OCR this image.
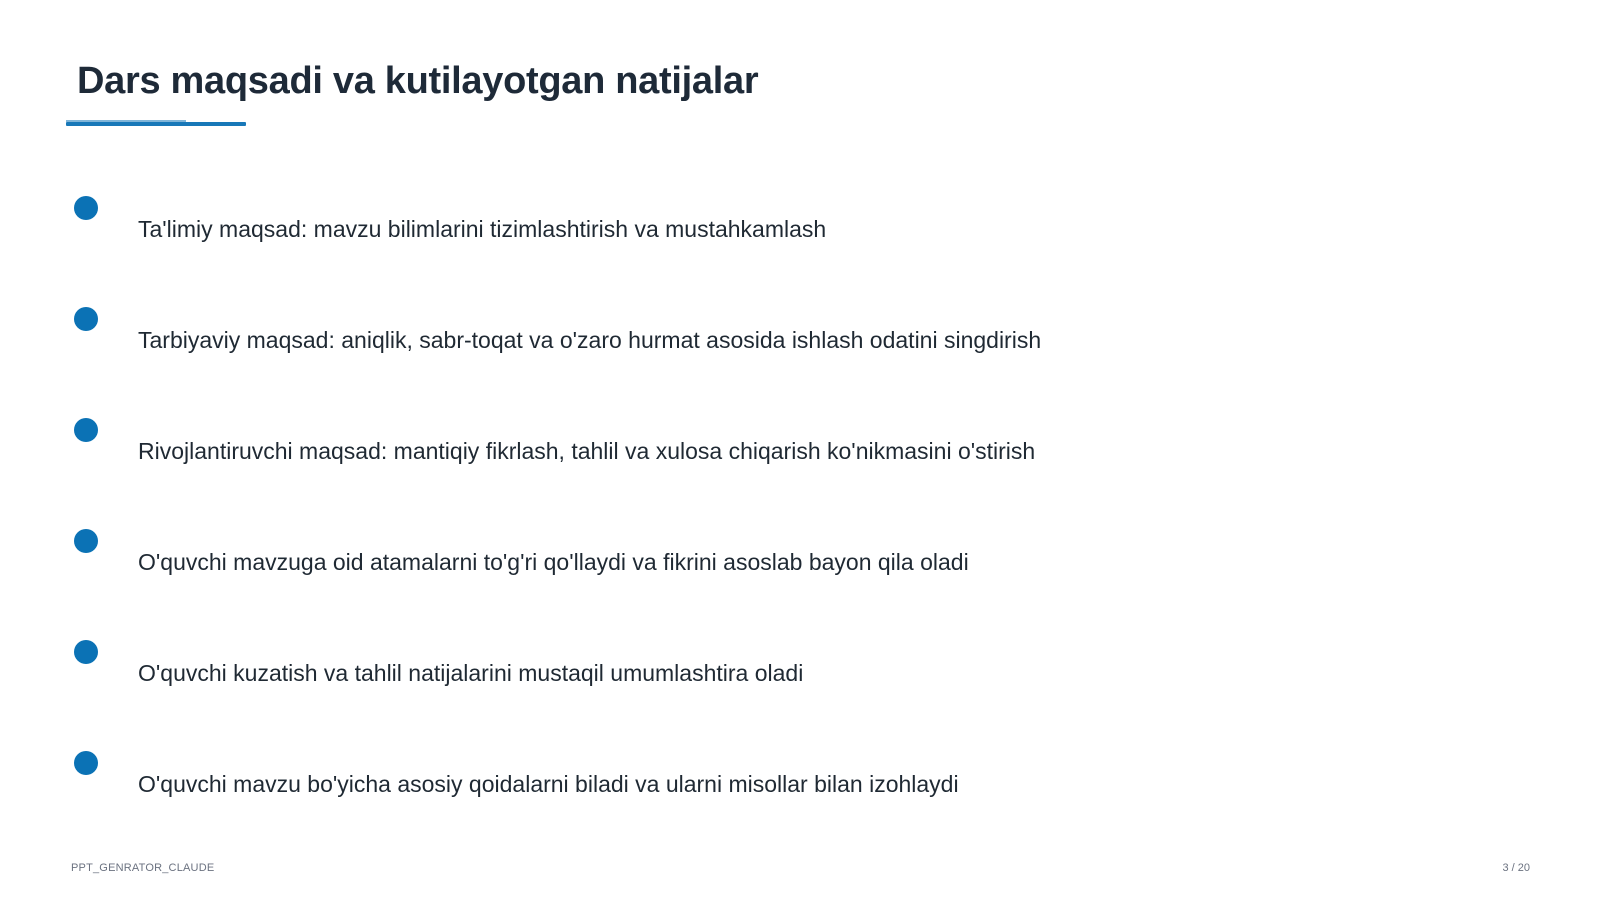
Dars maqsadi va kutilayotgan natijalar
Ta'limiy maqsad: mavzu bilimlarini tizimlashtirish va mustahkamlash
Tarbiyaviy maqsad: aniqlik, sabr-toqat va o'zaro hurmat asosida ishlash odatini singdirish
Rivojlantiruvchi maqsad: mantiqiy fikrlash, tahlil va xulosa chiqarish ko'nikmasini o'stirish
O'quvchi mavzuga oid atamalarni to'g'ri qo'llaydi va fikrini asoslab bayon qila oladi
O'quvchi kuzatish va tahlil natijalarini mustaqil umumlashtira oladi
O'quvchi mavzu bo'yicha asosiy qoidalarni biladi va ularni misollar bilan izohlaydi
PPT_GENRATOR_CLAUDE	3 / 20
